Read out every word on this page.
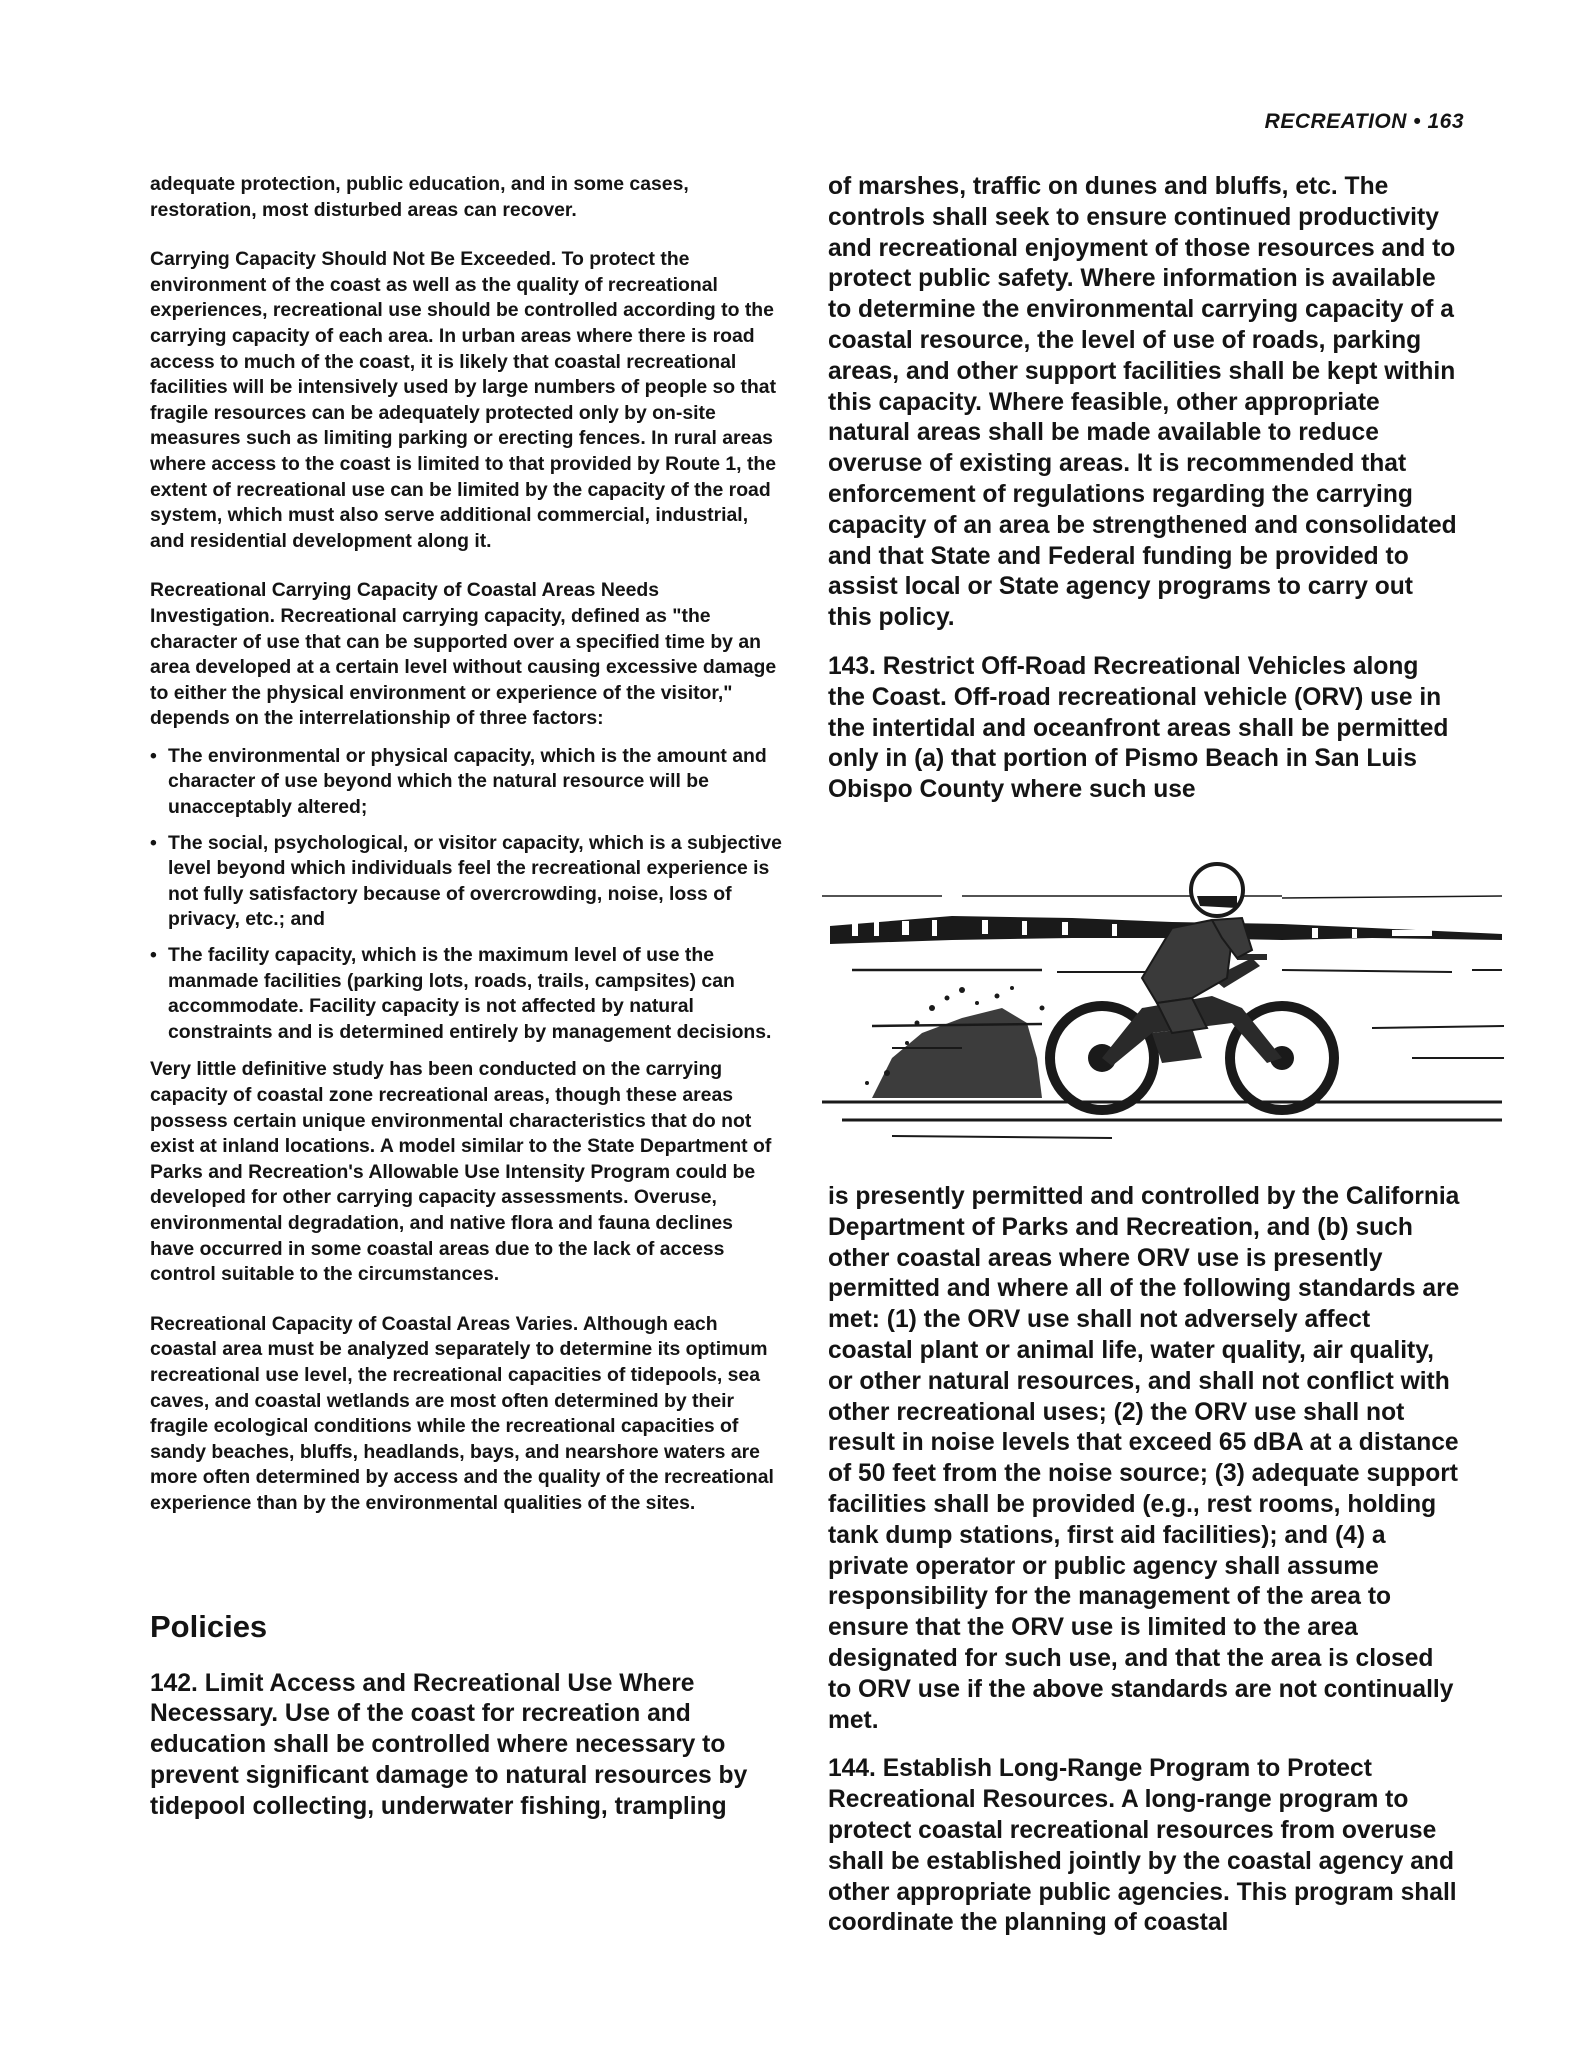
RECREATION • 163

adequate protection, public education, and in some cases, restoration, most disturbed areas can recover.

Carrying Capacity Should Not Be Exceeded. To protect the environment of the coast as well as the quality of recreational experiences, recreational use should be controlled according to the carrying capacity of each area. In urban areas where there is road access to much of the coast, it is likely that coastal recreational facilities will be intensively used by large numbers of people so that fragile resources can be adequately protected only by on-site measures such as limiting parking or erecting fences. In rural areas where access to the coast is limited to that provided by Route 1, the extent of recreational use can be limited by the capacity of the road system, which must also serve additional commercial, industrial, and residential development along it.

Recreational Carrying Capacity of Coastal Areas Needs Investigation. Recreational carrying capacity, defined as "the character of use that can be supported over a specified time by an area developed at a certain level without causing excessive damage to either the physical environment or experience of the visitor," depends on the interrelationship of three factors:

• The environmental or physical capacity, which is the amount and character of use beyond which the natural resource will be unacceptably altered;
• The social, psychological, or visitor capacity, which is a subjective level beyond which individuals feel the recreational experience is not fully satisfactory because of overcrowding, noise, loss of privacy, etc.; and
• The facility capacity, which is the maximum level of use the manmade facilities (parking lots, roads, trails, campsites) can accommodate. Facility capacity is not affected by natural constraints and is determined entirely by management decisions.

Very little definitive study has been conducted on the carrying capacity of coastal zone recreational areas, though these areas possess certain unique environmental characteristics that do not exist at inland locations. A model similar to the State Department of Parks and Recreation's Allowable Use Intensity Program could be developed for other carrying capacity assessments. Overuse, environmental degradation, and native flora and fauna declines have occurred in some coastal areas due to the lack of access control suitable to the circumstances.

Recreational Capacity of Coastal Areas Varies. Although each coastal area must be analyzed separately to determine its optimum recreational use level, the recreational capacities of tidepools, sea caves, and coastal wetlands are most often determined by their fragile ecological conditions while the recreational capacities of sandy beaches, bluffs, headlands, bays, and nearshore waters are more often determined by access and the quality of the recreational experience than by the environmental qualities of the sites.

Policies

142. Limit Access and Recreational Use Where Necessary. Use of the coast for recreation and education shall be controlled where necessary to prevent significant damage to natural resources by tidepool collecting, underwater fishing, trampling

of marshes, traffic on dunes and bluffs, etc. The controls shall seek to ensure continued productivity and recreational enjoyment of those resources and to protect public safety. Where information is available to determine the environmental carrying capacity of a coastal resource, the level of use of roads, parking areas, and other support facilities shall be kept within this capacity. Where feasible, other appropriate natural areas shall be made available to reduce overuse of existing areas. It is recommended that enforcement of regulations regarding the carrying capacity of an area be strengthened and consolidated and that State and Federal funding be provided to assist local or State agency programs to carry out this policy.

143. Restrict Off-Road Recreational Vehicles along the Coast. Off-road recreational vehicle (ORV) use in the intertidal and oceanfront areas shall be permitted only in (a) that portion of Pismo Beach in San Luis Obispo County where such use

is presently permitted and controlled by the California Department of Parks and Recreation, and (b) such other coastal areas where ORV use is presently permitted and where all of the following standards are met: (1) the ORV use shall not adversely affect coastal plant or animal life, water quality, air quality, or other natural resources, and shall not conflict with other recreational uses; (2) the ORV use shall not result in noise levels that exceed 65 dBA at a distance of 50 feet from the noise source; (3) adequate support facilities shall be provided (e.g., rest rooms, holding tank dump stations, first aid facilities); and (4) a private operator or public agency shall assume responsibility for the management of the area to ensure that the ORV use is limited to the area designated for such use, and that the area is closed to ORV use if the above standards are not continually met.

144. Establish Long-Range Program to Protect Recreational Resources. A long-range program to protect coastal recreational resources from overuse shall be established jointly by the coastal agency and other appropriate public agencies. This program shall coordinate the planning of coastal
